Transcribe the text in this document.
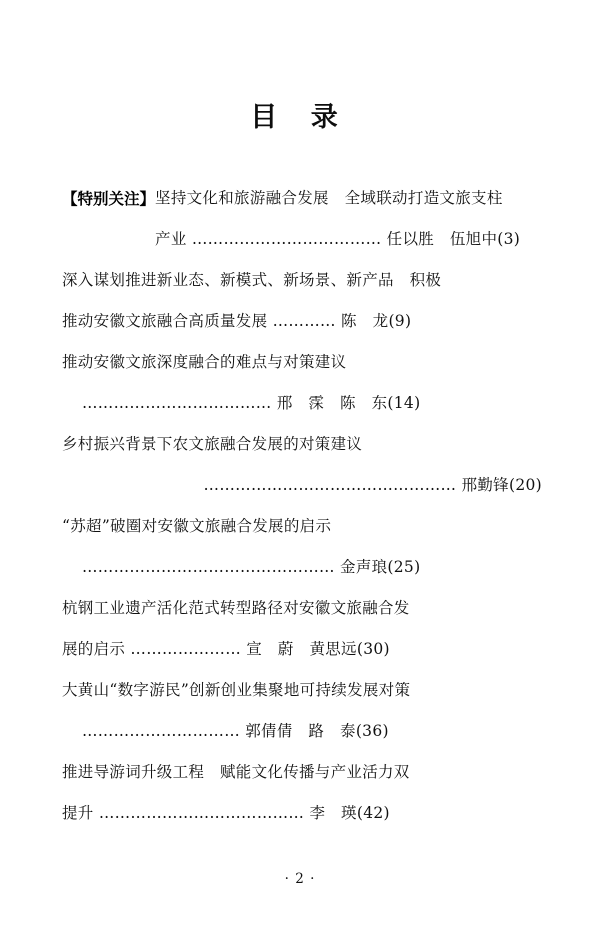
目 录
【特别关注】 坚持文化和旅游融合发展　全域联动打造文旅支柱
产业 ……………………………… 任以胜　伍旭中(3)
深入谋划推进新业态、新模式、新场景、新产品　积极
推动安徽文旅融合高质量发展 ………… 陈　龙(9)
推动安徽文旅深度融合的难点与对策建议
……………………………… 邢　霂　陈　东(14)
乡村振兴背景下农文旅融合发展的对策建议
………………………………………… 邢勤锋(20)
“苏超”破圈对安徽文旅融合发展的启示
………………………………………… 金声琅(25)
杭钢工业遗产活化范式转型路径对安徽文旅融合发
展的启示 ………………… 宣　蔚　黄思远(30)
大黄山“数字游民”创新创业集聚地可持续发展对策
………………………… 郭倩倩　路　泰(36)
推进导游词升级工程　赋能文化传播与产业活力双
提升 ………………………………… 李　瑛(42)
· 2 ·
